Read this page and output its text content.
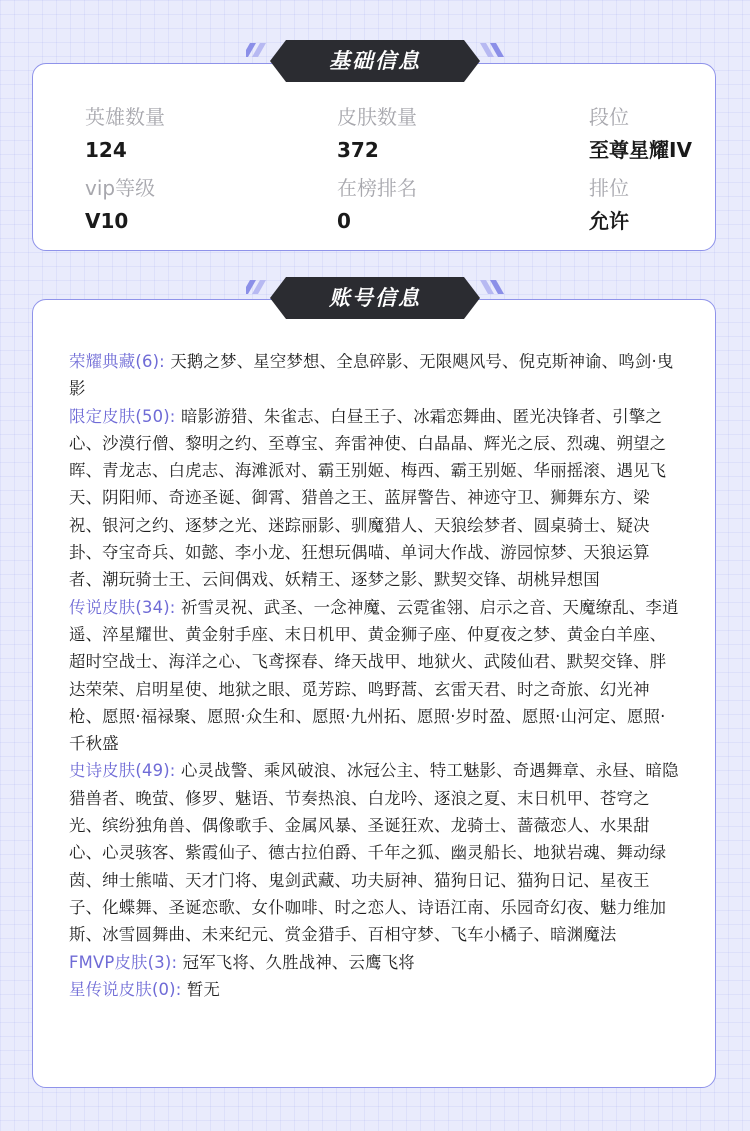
基础信息
英雄数量
124
皮肤数量
372
段位
至尊星耀IV
vip等级
V10
在榜排名
0
排位
允许

荣耀典藏(6): 天鹅之梦、星空梦想、全息碎影、无限飓风号、倪克斯神谕、鸣剑·曳影

限定皮肤(50): 暗影游猎、朱雀志、白昼王子、冰霜恋舞曲、匿光决锋者、引擎之心、沙漠行僧、黎明之约、至尊宝、奔雷神使、白晶晶、辉光之辰、烈魂、朔望之晖、青龙志、白虎志、海滩派对、霸王别姬、梅西、霸王别姬、华丽摇滚、遇见飞天、阴阳师、奇迹圣诞、御霄、猎兽之王、蓝屏警告、神迹守卫、狮舞东方、梁祝、银河之约、逐梦之光、迷踪丽影、驯魔猎人、天狼绘梦者、圆桌骑士、疑决卦、夺宝奇兵、如懿、李小龙、狂想玩偶喵、单词大作战、游园惊梦、天狼运算者、潮玩骑士王、云间偶戏、妖精王、逐梦之影、默契交锋、胡桃异想国

传说皮肤(34): 祈雪灵祝、武圣、一念神魔、云霓雀翎、启示之音、天魔缭乱、李逍遥、淬星耀世、黄金射手座、末日机甲、黄金狮子座、仲夏夜之梦、黄金白羊座、超时空战士、海洋之心、飞鸢探春、绛天战甲、地狱火、武陵仙君、默契交锋、胖达荣荣、启明星使、地狱之眼、觅芳踪、鸣野蒿、玄雷天君、时之奇旅、幻光神枪、愿照·福禄聚、愿照·众生和、愿照·九州拓、愿照·岁时盈、愿照·山河定、愿照·千秋盛

史诗皮肤(49): 心灵战警、乘风破浪、冰冠公主、特工魅影、奇遇舞章、永昼、暗隐猎兽者、晚萤、修罗、魅语、节奏热浪、白龙吟、逐浪之夏、末日机甲、苍穹之光、缤纷独角兽、偶像歌手、金属风暴、圣诞狂欢、龙骑士、蔷薇恋人、水果甜心、心灵骇客、紫霞仙子、德古拉伯爵、千年之狐、幽灵船长、地狱岩魂、舞动绿茵、绅士熊喵、天才门将、鬼剑武藏、功夫厨神、猫狗日记、猫狗日记、星夜王子、化蝶舞、圣诞恋歌、女仆咖啡、时之恋人、诗语江南、乐园奇幻夜、魅力维加斯、冰雪圆舞曲、未来纪元、赏金猎手、百相守梦、飞车小橘子、暗渊魔法

FMVP皮肤(3): 冠军飞将、久胜战神、云鹰飞将

星传说皮肤(0): 暂无

账号信息
